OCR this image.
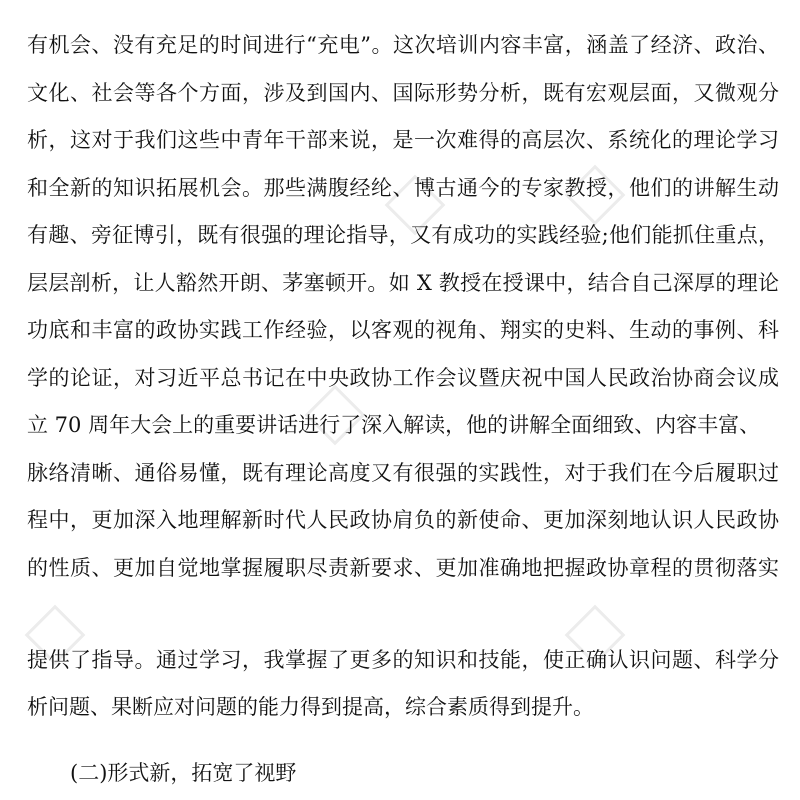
有机会、没有充足的时间进行“充电”。这次培训内容丰富，涵盖了经济、政治、
文化、社会等各个方面，涉及到国内、国际形势分析，既有宏观层面，又微观分
析，这对于我们这些中青年干部来说，是一次难得的高层次、系统化的理论学习
和全新的知识拓展机会。那些满腹经纶、博古通今的专家教授，他们的讲解生动
有趣、旁征博引，既有很强的理论指导，又有成功的实践经验;他们能抓住重点，
层层剖析，让人豁然开朗、茅塞顿开。如 X 教授在授课中，结合自己深厚的理论
功底和丰富的政协实践工作经验，以客观的视角、翔实的史料、生动的事例、科
学的论证，对习近平总书记在中央政协工作会议暨庆祝中国人民政治协商会议成
立 70 周年大会上的重要讲话进行了深入解读，他的讲解全面细致、内容丰富、
脉络清晰、通俗易懂，既有理论高度又有很强的实践性，对于我们在今后履职过
程中，更加深入地理解新时代人民政协肩负的新使命、更加深刻地认识人民政协
的性质、更加自觉地掌握履职尽责新要求、更加准确地把握政协章程的贯彻落实
提供了指导。通过学习，我掌握了更多的知识和技能，使正确认识问题、科学分
析问题、果断应对问题的能力得到提高，综合素质得到提升。
(二)形式新，拓宽了视野
